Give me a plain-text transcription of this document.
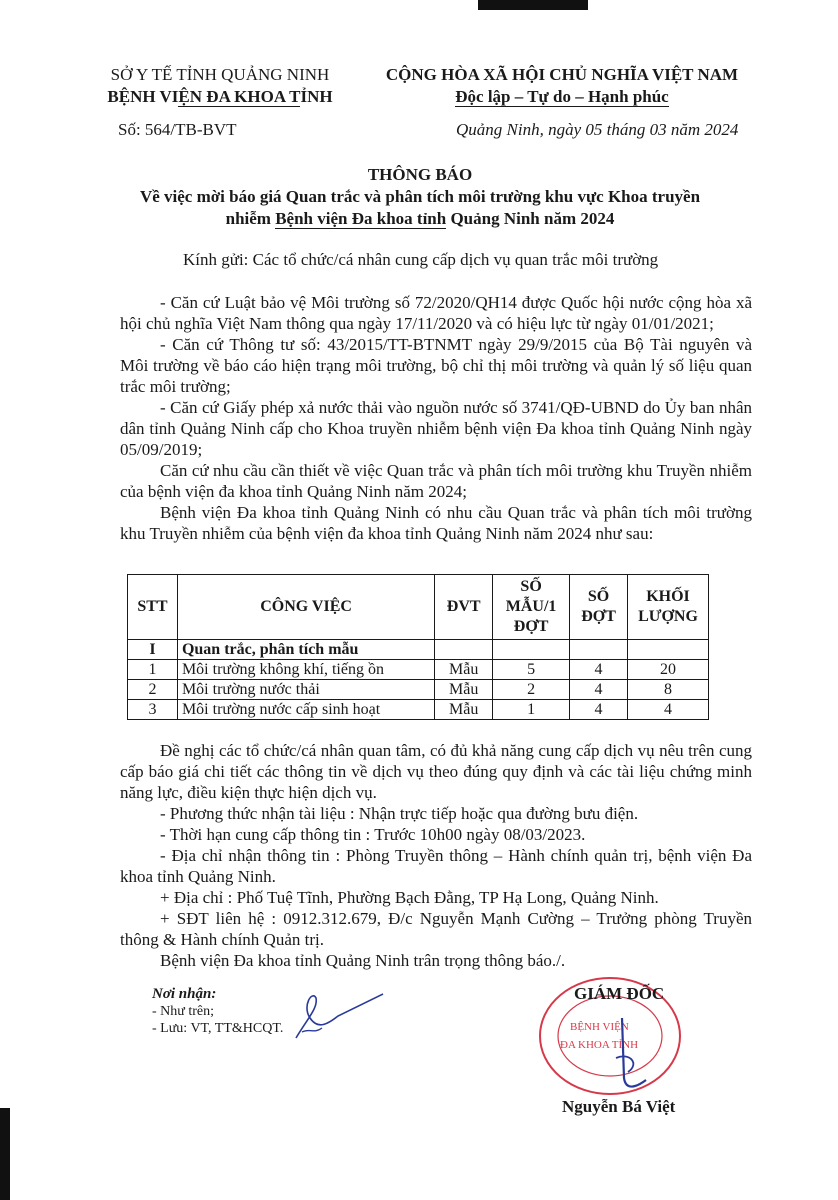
SỞ Y TẾ TỈNH QUẢNG NINH
BỆNH VIỆN ĐA KHOA TỈNH
CỘNG HÒA XÃ HỘI CHỦ NGHĨA VIỆT NAM
Độc lập – Tự do – Hạnh phúc
Số: 564/TB-BVT	Quảng Ninh, ngày 05 tháng 03 năm 2024
THÔNG BÁO
Về việc mời báo giá Quan trắc và phân tích môi trường khu vực Khoa truyền
nhiễm Bệnh viện Đa khoa tỉnh Quảng Ninh năm 2024
Kính gửi: Các tổ chức/cá nhân cung cấp dịch vụ quan trắc môi trường

- Căn cứ Luật bảo vệ Môi trường số 72/2020/QH14 được Quốc hội nước cộng hòa xã hội chủ nghĩa Việt Nam thông qua ngày 17/11/2020 và có hiệu lực từ ngày 01/01/2021;

- Căn cứ Thông tư số: 43/2015/TT-BTNMT ngày 29/9/2015 của Bộ Tài nguyên và Môi trường về báo cáo hiện trạng môi trường, bộ chỉ thị môi trường và quản lý số liệu quan trắc môi trường;

- Căn cứ Giấy phép xả nước thải vào nguồn nước số 3741/QĐ-UBND do Ủy ban nhân dân tỉnh Quảng Ninh cấp cho Khoa truyền nhiễm bệnh viện Đa khoa tỉnh Quảng Ninh ngày 05/09/2019;

Căn cứ nhu cầu cần thiết về việc Quan trắc và phân tích môi trường khu Truyền nhiễm của bệnh viện đa khoa tỉnh Quảng Ninh năm 2024;

Bệnh viện Đa khoa tỉnh Quảng Ninh có nhu cầu Quan trắc và phân tích môi trường khu Truyền nhiễm của bệnh viện đa khoa tỉnh Quảng Ninh năm 2024 như sau:

STT	CÔNG VIỆC	ĐVT	SỐ MẪU/1 ĐỢT	SỐ ĐỢT	KHỐI LƯỢNG
I	Quan trắc, phân tích mẫu				
1	Môi trường không khí, tiếng ồn	Mẫu	5	4	20
2	Môi trường nước thải	Mẫu	2	4	8
3	Môi trường nước cấp sinh hoạt	Mẫu	1	4	4

Đề nghị các tổ chức/cá nhân quan tâm, có đủ khả năng cung cấp dịch vụ nêu trên cung cấp báo giá chi tiết các thông tin về dịch vụ theo đúng quy định và các tài liệu chứng minh năng lực, điều kiện thực hiện dịch vụ.

- Phương thức nhận tài liệu : Nhận trực tiếp hoặc qua đường bưu điện.

- Thời hạn cung cấp thông tin : Trước 10h00 ngày 08/03/2023.

- Địa chỉ nhận thông tin : Phòng Truyền thông – Hành chính quản trị, bệnh viện Đa khoa tỉnh Quảng Ninh.

+ Địa chỉ : Phố Tuệ Tĩnh, Phường Bạch Đằng, TP Hạ Long, Quảng Ninh.

+ SĐT liên hệ : 0912.312.679, Đ/c Nguyễn Mạnh Cường – Trưởng phòng Truyền thông & Hành chính Quản trị.

Bệnh viện Đa khoa tỉnh Quảng Ninh trân trọng thông báo./.

Nơi nhận:
- Như trên;
- Lưu: VT, TT&HCQT.	BỆNH VIỆN
ĐA KHOA TỈNH
GIÁM ĐỐC
Nguyễn Bá Việt
